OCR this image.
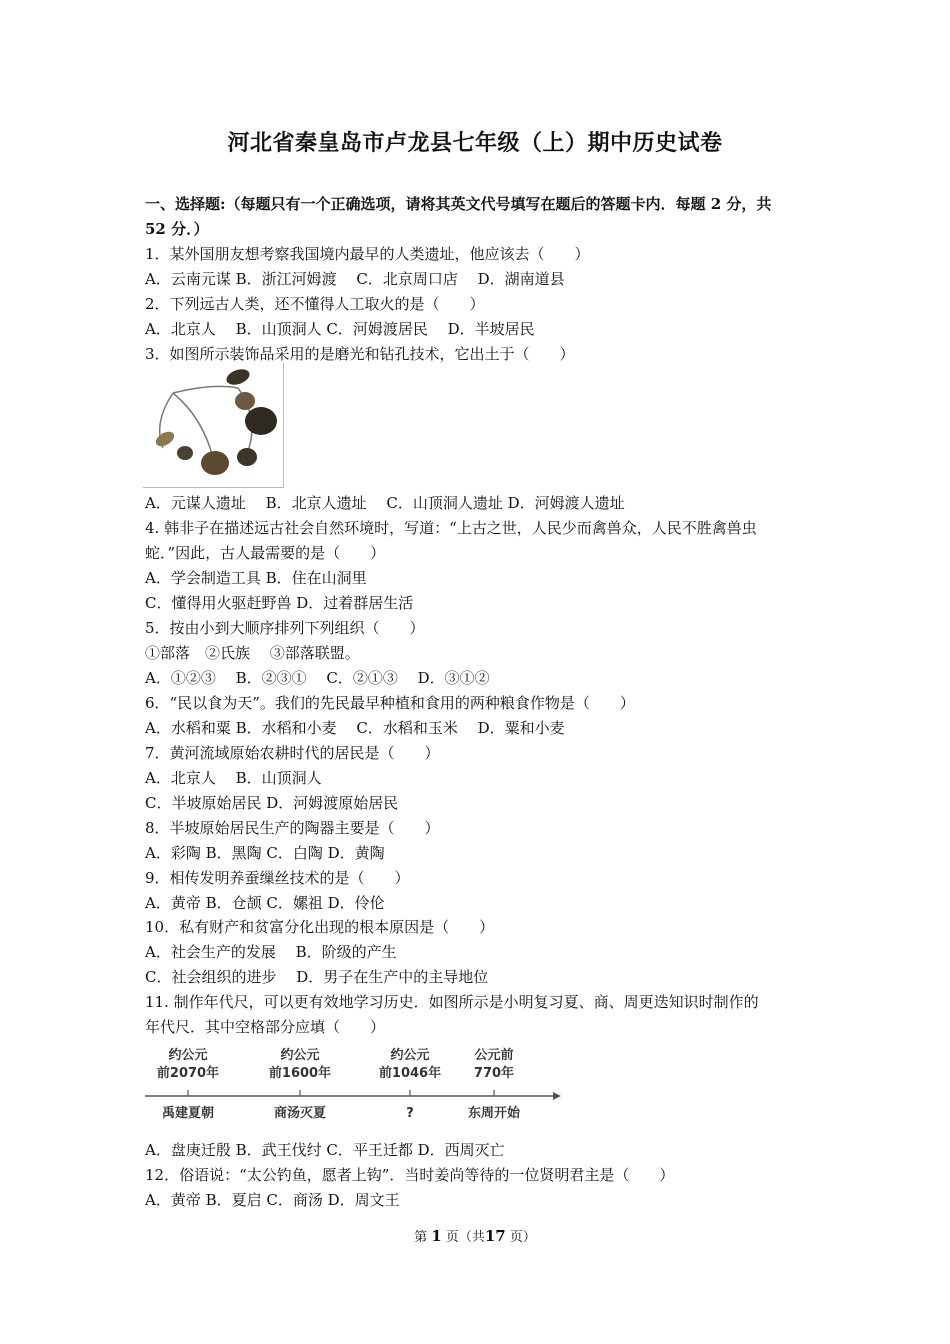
河北省秦皇岛市卢龙县七年级（上）期中历史试卷
一、选择题:（每题只有一个正确选项，请将其英文代号填写在题后的答题卡内．每题 2 分，共
52 分．）
1．某外国朋友想考察我国境内最早的人类遗址，他应该去（　　）
A．云南元谋 B．浙江河姆渡　 C．北京周口店　 D．湖南道县
2．下列远古人类，还不懂得人工取火的是（　　）
A．北京人　 B．山顶洞人 C．河姆渡居民　 D．半坡居民
3．如图所示装饰品采用的是磨光和钻孔技术，它出土于（　　）
A．元谋人遗址　 B．北京人遗址　 C．山顶洞人遗址 D．河姆渡人遗址
4. 韩非子在描述远古社会自然环境时，写道：“上古之世，人民少而禽兽众，人民不胜禽兽虫
蛇．”因此，古人最需要的是（　　）
A．学会制造工具 B．住在山洞里
C．懂得用火驱赶野兽 D．过着群居生活
5．按由小到大顺序排列下列组织（　　）
①部落　②氏族　 ③部落联盟。
A．①②③　 B．②③①　 C．②①③　 D．③①②
6．“民以食为天”。我们的先民最早种植和食用的两种粮食作物是（　　）
A．水稻和粟 B．水稻和小麦　 C．水稻和玉米　 D．粟和小麦
7．黄河流域原始农耕时代的居民是（　　）
A．北京人　 B．山顶洞人
C．半坡原始居民 D．河姆渡原始居民
8．半坡原始居民生产的陶器主要是（　　）
A．彩陶 B．黑陶 C．白陶 D．黄陶
9．相传发明养蚕缫丝技术的是（　　）
A．黄帝 B．仓颉 C．嫘祖 D．伶伦
10．私有财产和贫富分化出现的根本原因是（　　）
A．社会生产的发展　 B．阶级的产生
C．社会组织的进步　 D．男子在生产中的主导地位
11. 制作年代尺，可以更有效地学习历史．如图所示是小明复习夏、商、周更迭知识时制作的
年代尺．其中空格部分应填（　　）
约公元
前2070年
约公元
前1600年
约公元
前1046年
公元前
770年
禹建夏朝	商汤灭夏	?	东周开始
A．盘庚迁殷 B．武王伐纣 C．平王迁都 D．西周灭亡
12．俗语说：“太公钓鱼，愿者上钩”．当时姜尚等待的一位贤明君主是（　　）
A．黄帝 B．夏启 C．商汤 D．周文王
第 1 页（共17 页）
